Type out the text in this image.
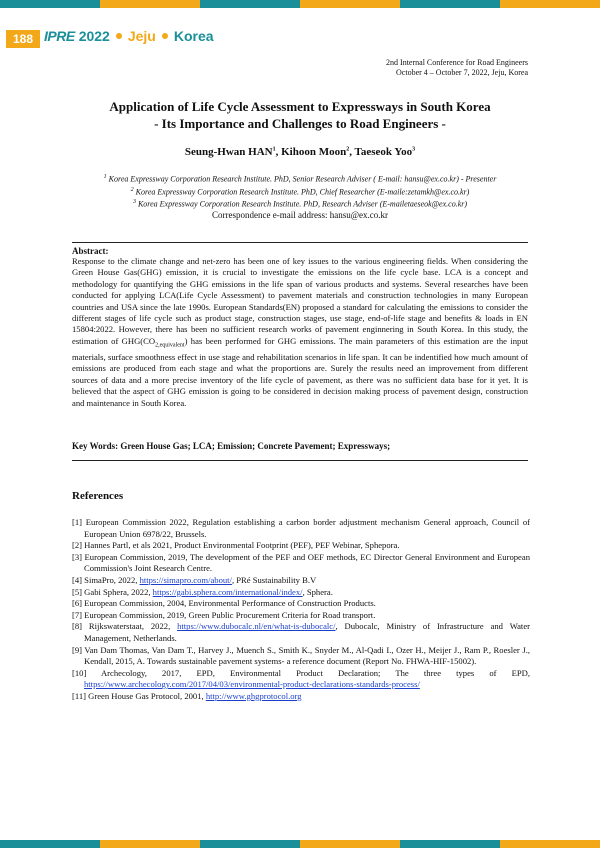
188 IPRE 2022 Jeju Korea
2nd Internal Conference for Road Engineers
October 4 – October 7, 2022, Jeju, Korea
Application of Life Cycle Assessment to Expressways in South Korea
- Its Importance and Challenges to Road Engineers -
Seung-Hwan HAN$^1$, Kihoon Moon$^2$, Taeseok Yoo$^3$
$^1$ Korea Expressway Corporation Research Institute. PhD, Senior Research Adviser ( E-mail: hansu@ex.co.kr) - Presenter
$^2$ Korea Expressway Corporation Research Institute. PhD, Chief Researcher (E-maile:zetamkh@ex.co.kr)
$^3$ Korea Expressway Corporation Research Institute. PhD, Research Adviser (E-mailetaeseok@ex.co.kr)
Correspondence e-mail address: hansu@ex.co.kr
Abstract:
Response to the climate change and net-zero has been one of key issues to the various engineering fields. When considering the Green House Gas(GHG) emission, it is crucial to investigate the emissions on the life cycle base. LCA is a concept and methodology for quantifying the GHG emissions in the life span of various products and systems. Several researches have been conducted for applying LCA(Life Cycle Assessment) to pavement materials and construction technologies in many European countries and USA since the late 1990s. European Standards(EN) proposed a standard for calculating the emissions to consider the different stages of life cycle such as product stage, construction stages, use stage, end-of-life stage and benefits & loads in EN 15804:2022. However, there has been no sufficient research works of pavement enginnering in South Korea. In this study, the estimation of $GHG(CO_{2,equivalent})$ has been performed for GHG emissions. The main parameters of this estimation are the input materials, surface smoothness effect in use stage and rehabilitation scenarios in life span. It can be indentified how much amount of emissions are produced from each stage and what the proportions are. Surely the results need an improvement from different sources of data and a more precise inventory of the life cycle of pavement, as there was no sufficient data base for it yet. It is believed that the aspect of GHG emission is going to be considered in decision making process of pavement design, construction and maintenance in South Korea.
Key Words: Green House Gas; LCA; Emission; Concrete Pavement; Expressways;
References
[1] European Commission 2022, Regulation establishing a carbon border adjustment mechanism General approach, Council of European Union 6978/22, Brussels.
[2] Hannes Partl, et als 2021, Product Environmental Footprint (PEF), PEF Webinar, Sphepora.
[3] European Commission, 2019, The development of the PEF and OEF methods, EC Director General Environment and European Commission's Joint Research Centre.
[4] SimaPro, 2022, https://simapro.com/about/, PRé Sustainability B.V
[5] Gabi Sphera, 2022, https://gabi.sphera.com/international/index/, Sphera.
[6] European Commission, 2004, Environmental Performance of Construction Products.
[7] European Commission, 2019, Green Public Procurement Criteria for Road transport.
[8] Rijkswaterstaat, 2022, https://www.dubocalc.nl/en/what-is-dubocalc/, Dubocalc, Ministry of Infrastructure and Water Management, Netherlands.
[9] Van Dam Thomas, Van Dam T., Harvey J., Muench S., Smith K., Snyder M., Al-Qadi I., Ozer H., Meijer J., Ram P., Roesler J., Kendall, 2015, A. Towards sustainable pavement systems- a reference document (Report No. FHWA-HIF-15002).
[10] Archecology, 2017, EPD, Environmental Product Declaration; The three types of EPD, https://www.archecology.com/2017/04/03/environmental-product-declarations-standards-process/
[11] Green House Gas Protocol, 2001, http://www.ghgprotocol.org
